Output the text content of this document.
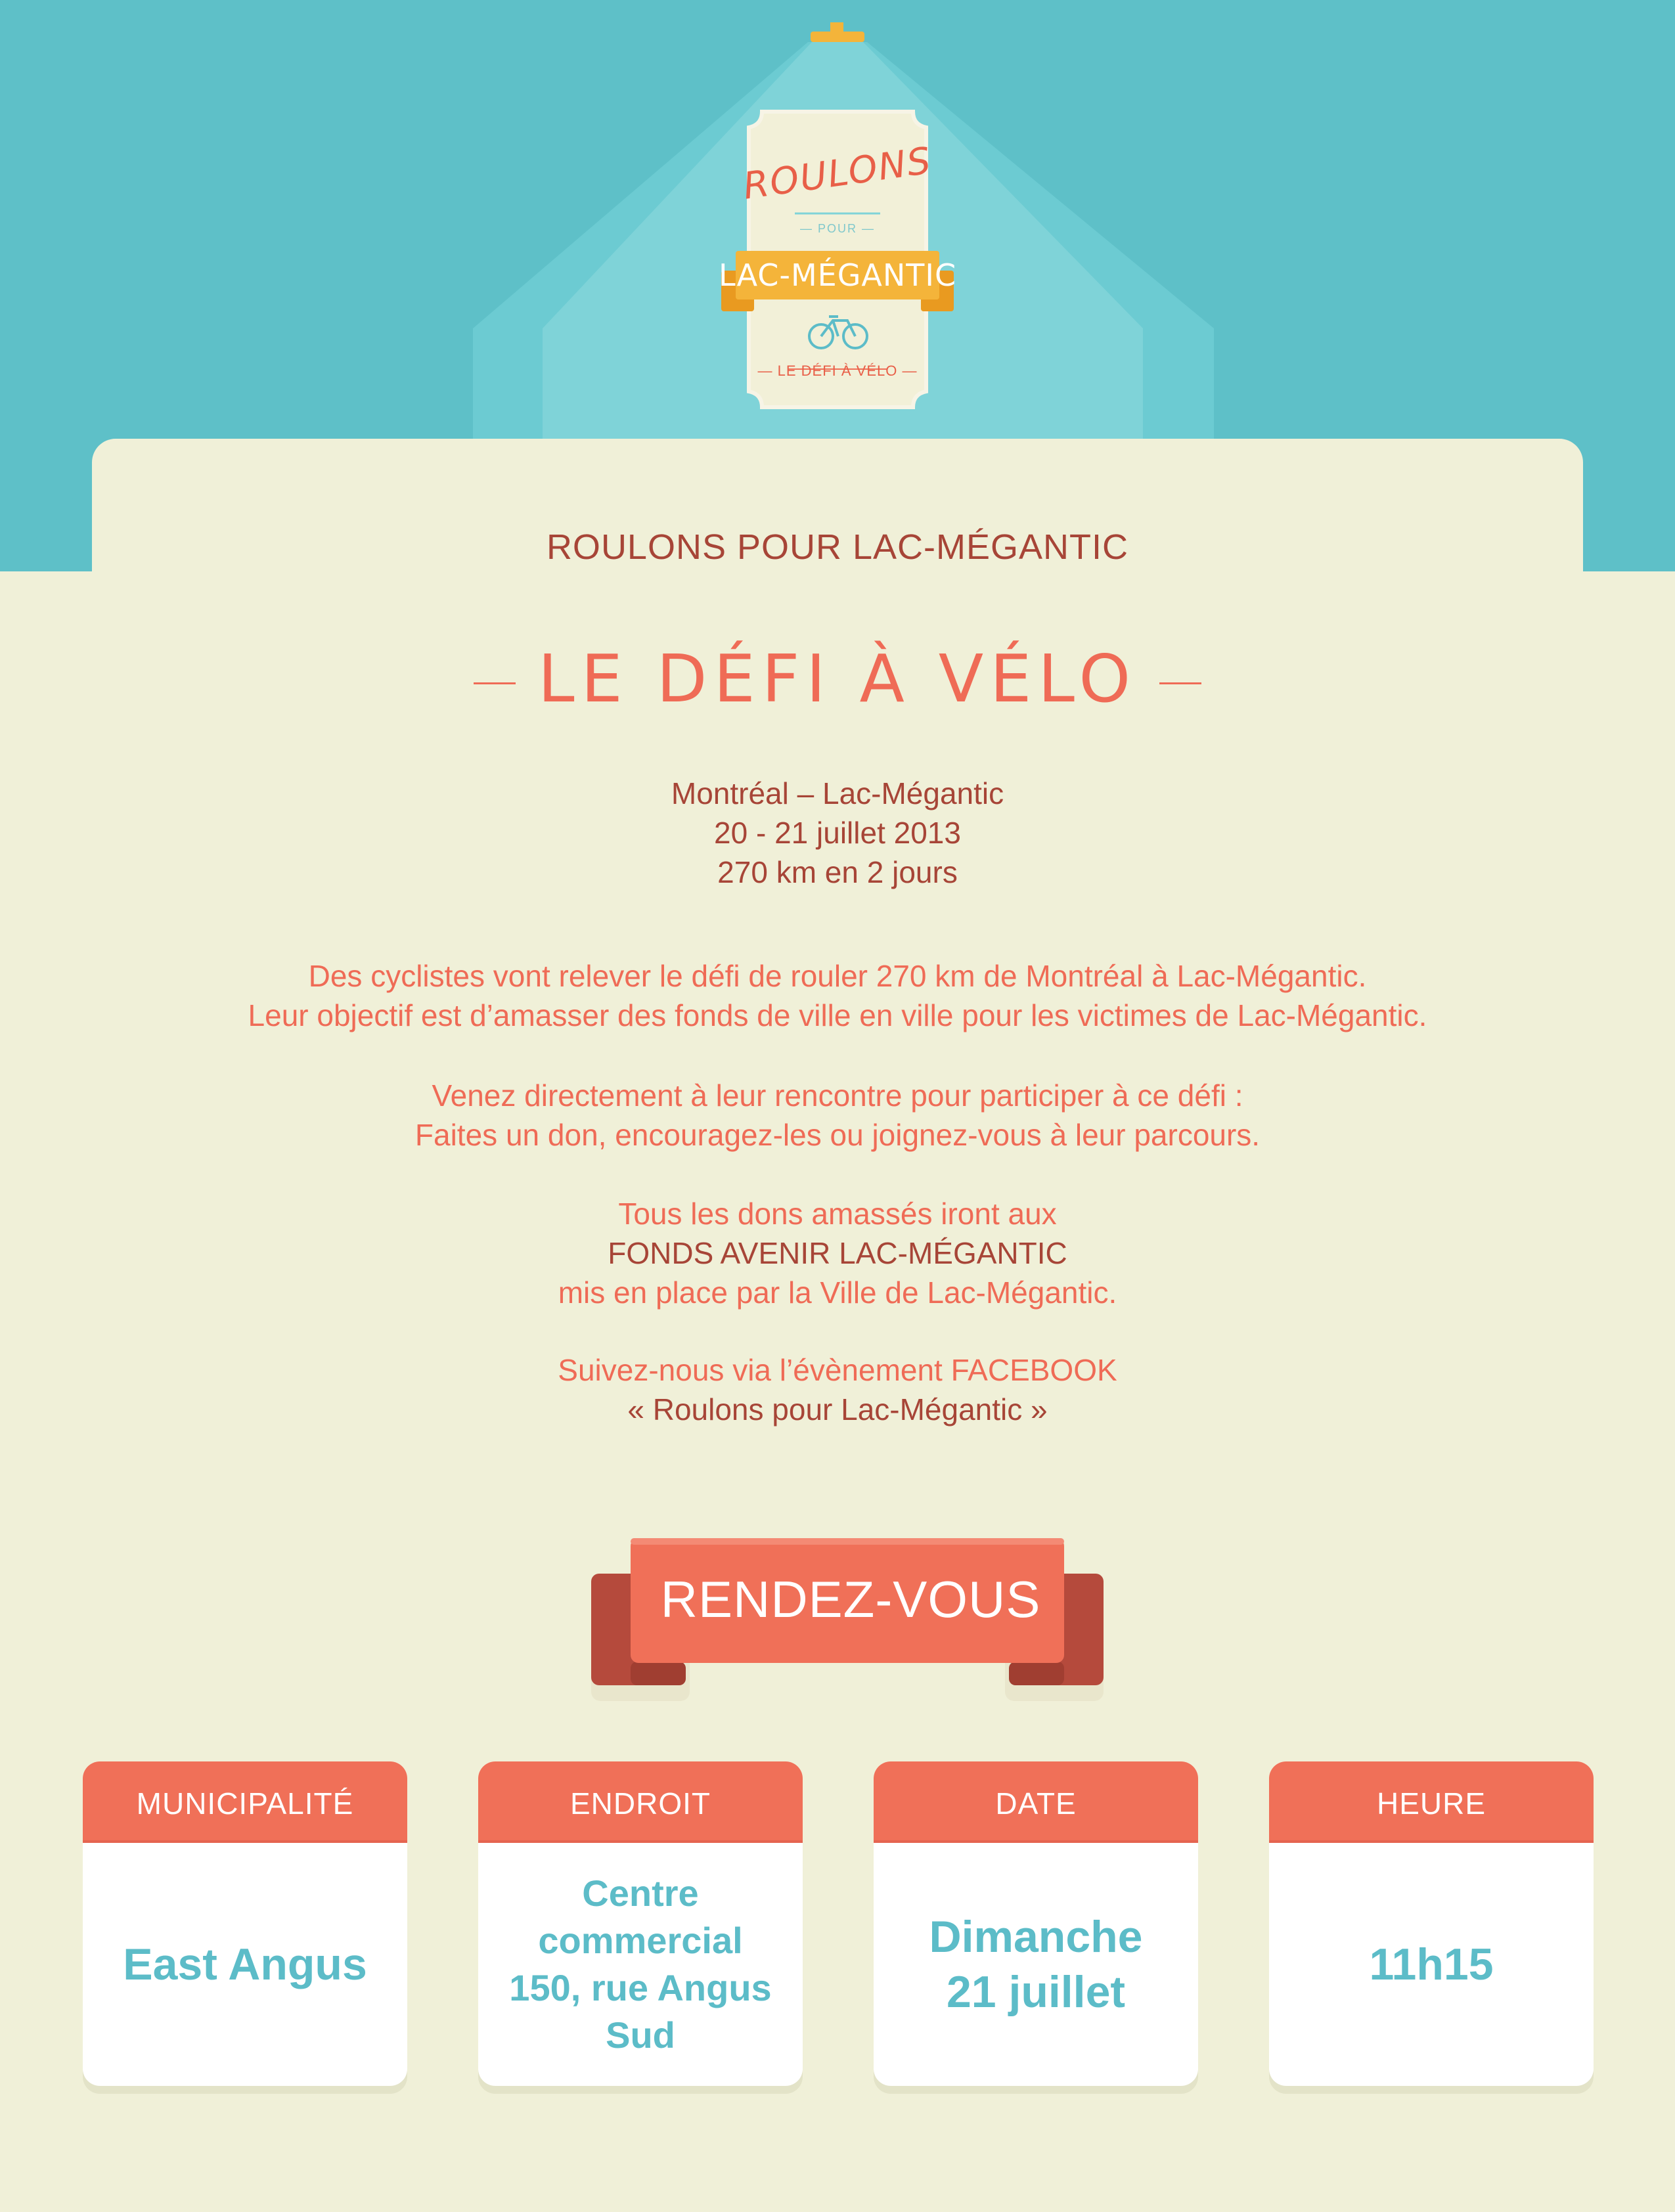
ROULONS
— POUR —
LAC-MÉGANTIC
— LE DÉFI À VÉLO —
ROULONS POUR LAC-MÉGANTIC
LE DÉFI À VÉLO
Montréal – Lac-Mégantic
20 - 21 juillet 2013
270 km en 2 jours
Des cyclistes vont relever le défi de rouler 270 km de Montréal à Lac-Mégantic.
Leur objectif est d’amasser des fonds de ville en ville pour les victimes de Lac-Mégantic.
Venez directement à leur rencontre pour participer à ce défi :
Faites un don, encouragez-les ou joignez-vous à leur parcours.
Tous les dons amassés iront aux
FONDS AVENIR LAC-MÉGANTIC
mis en place par la Ville de Lac-Mégantic.
Suivez-nous via l’évènement FACEBOOK
« Roulons pour Lac-Mégantic »
RENDEZ-VOUS
MUNICIPALITÉ
East Angus
ENDROIT
Centre commercial
150, rue Angus Sud
DATE
Dimanche
21 juillet
HEURE
11h15
